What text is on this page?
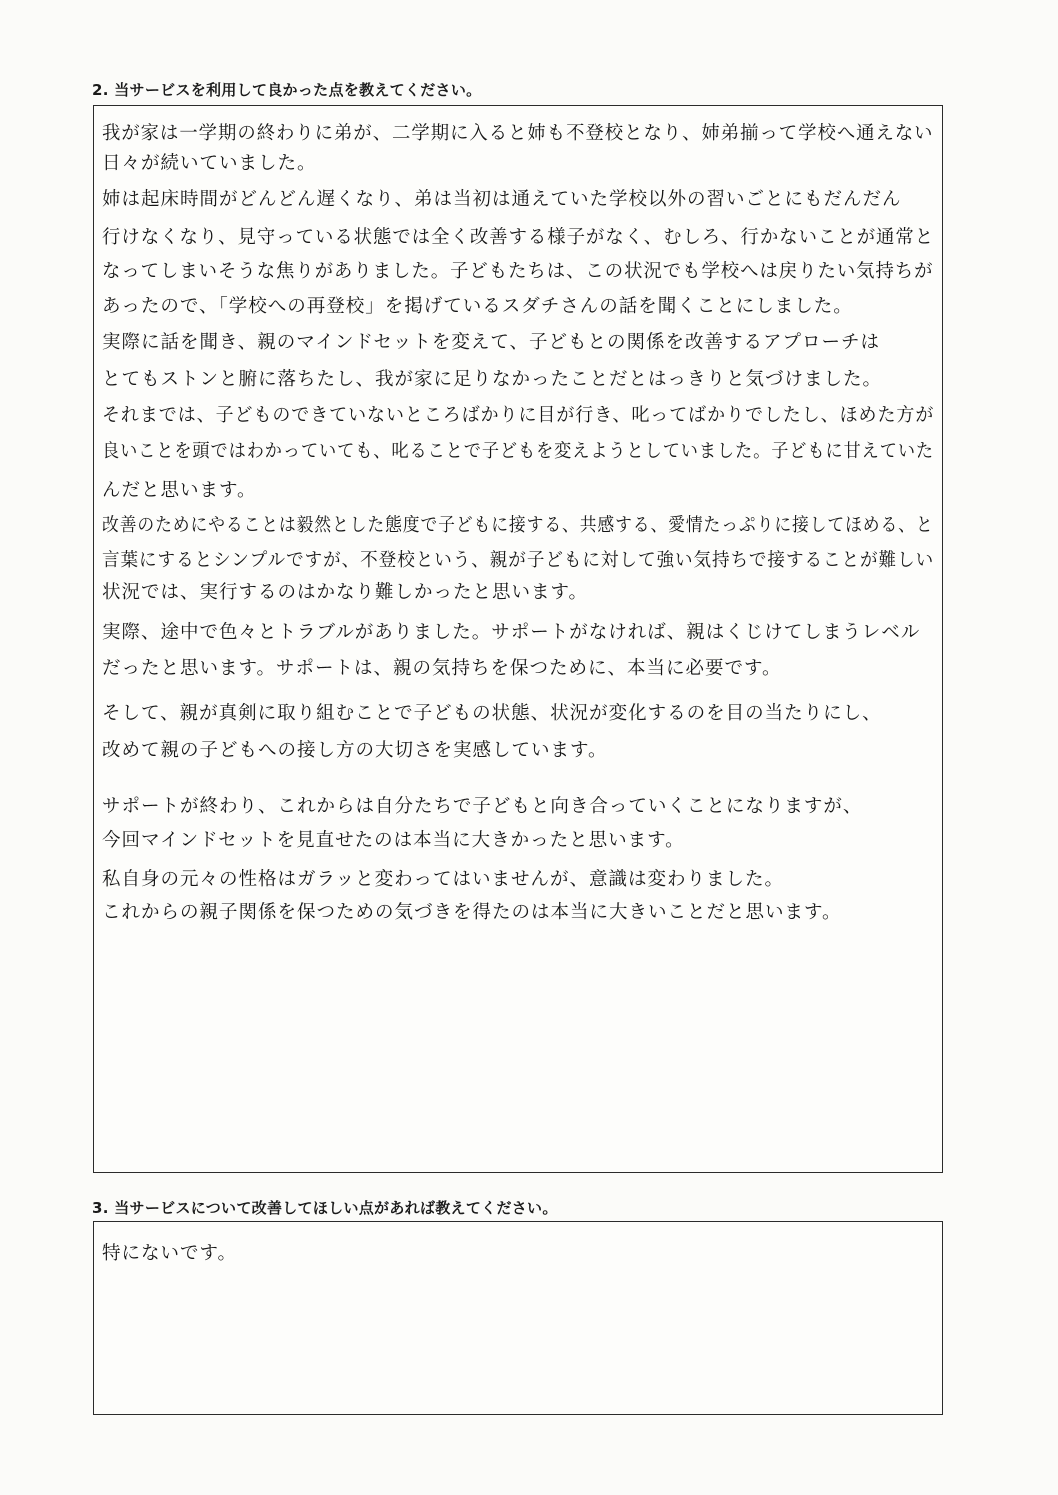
2. 当サービスを利用して良かった点を教えてください。
我が家は一学期の終わりに弟が、二学期に入ると姉も不登校となり、姉弟揃って学校へ通えない
日々が続いていました。
姉は起床時間がどんどん遅くなり、弟は当初は通えていた学校以外の習いごとにもだんだん
行けなくなり、見守っている状態では全く改善する様子がなく、むしろ、行かないことが通常と
なってしまいそうな焦りがありました。子どもたちは、この状況でも学校へは戻りたい気持ちが
あったので、「学校への再登校」を掲げているスダチさんの話を聞くことにしました。
実際に話を聞き、親のマインドセットを変えて、子どもとの関係を改善するアプローチは
とてもストンと腑に落ちたし、我が家に足りなかったことだとはっきりと気づけました。
それまでは、子どものできていないところばかりに目が行き、叱ってばかりでしたし、ほめた方が
良いことを頭ではわかっていても、叱ることで子どもを変えようとしていました。子どもに甘えていた
んだと思います。
改善のためにやることは毅然とした態度で子どもに接する、共感する、愛情たっぷりに接してほめる、と
言葉にするとシンプルですが、不登校という、親が子どもに対して強い気持ちで接することが難しい
状況では、実行するのはかなり難しかったと思います。
実際、途中で色々とトラブルがありました。サポートがなければ、親はくじけてしまうレベル
だったと思います。サポートは、親の気持ちを保つために、本当に必要です。
そして、親が真剣に取り組むことで子どもの状態、状況が変化するのを目の当たりにし、
改めて親の子どもへの接し方の大切さを実感しています。
サポートが終わり、これからは自分たちで子どもと向き合っていくことになりますが、
今回マインドセットを見直せたのは本当に大きかったと思います。
私自身の元々の性格はガラッと変わってはいませんが、意識は変わりました。
これからの親子関係を保つための気づきを得たのは本当に大きいことだと思います。
3. 当サービスについて改善してほしい点があれば教えてください。
特にないです。
